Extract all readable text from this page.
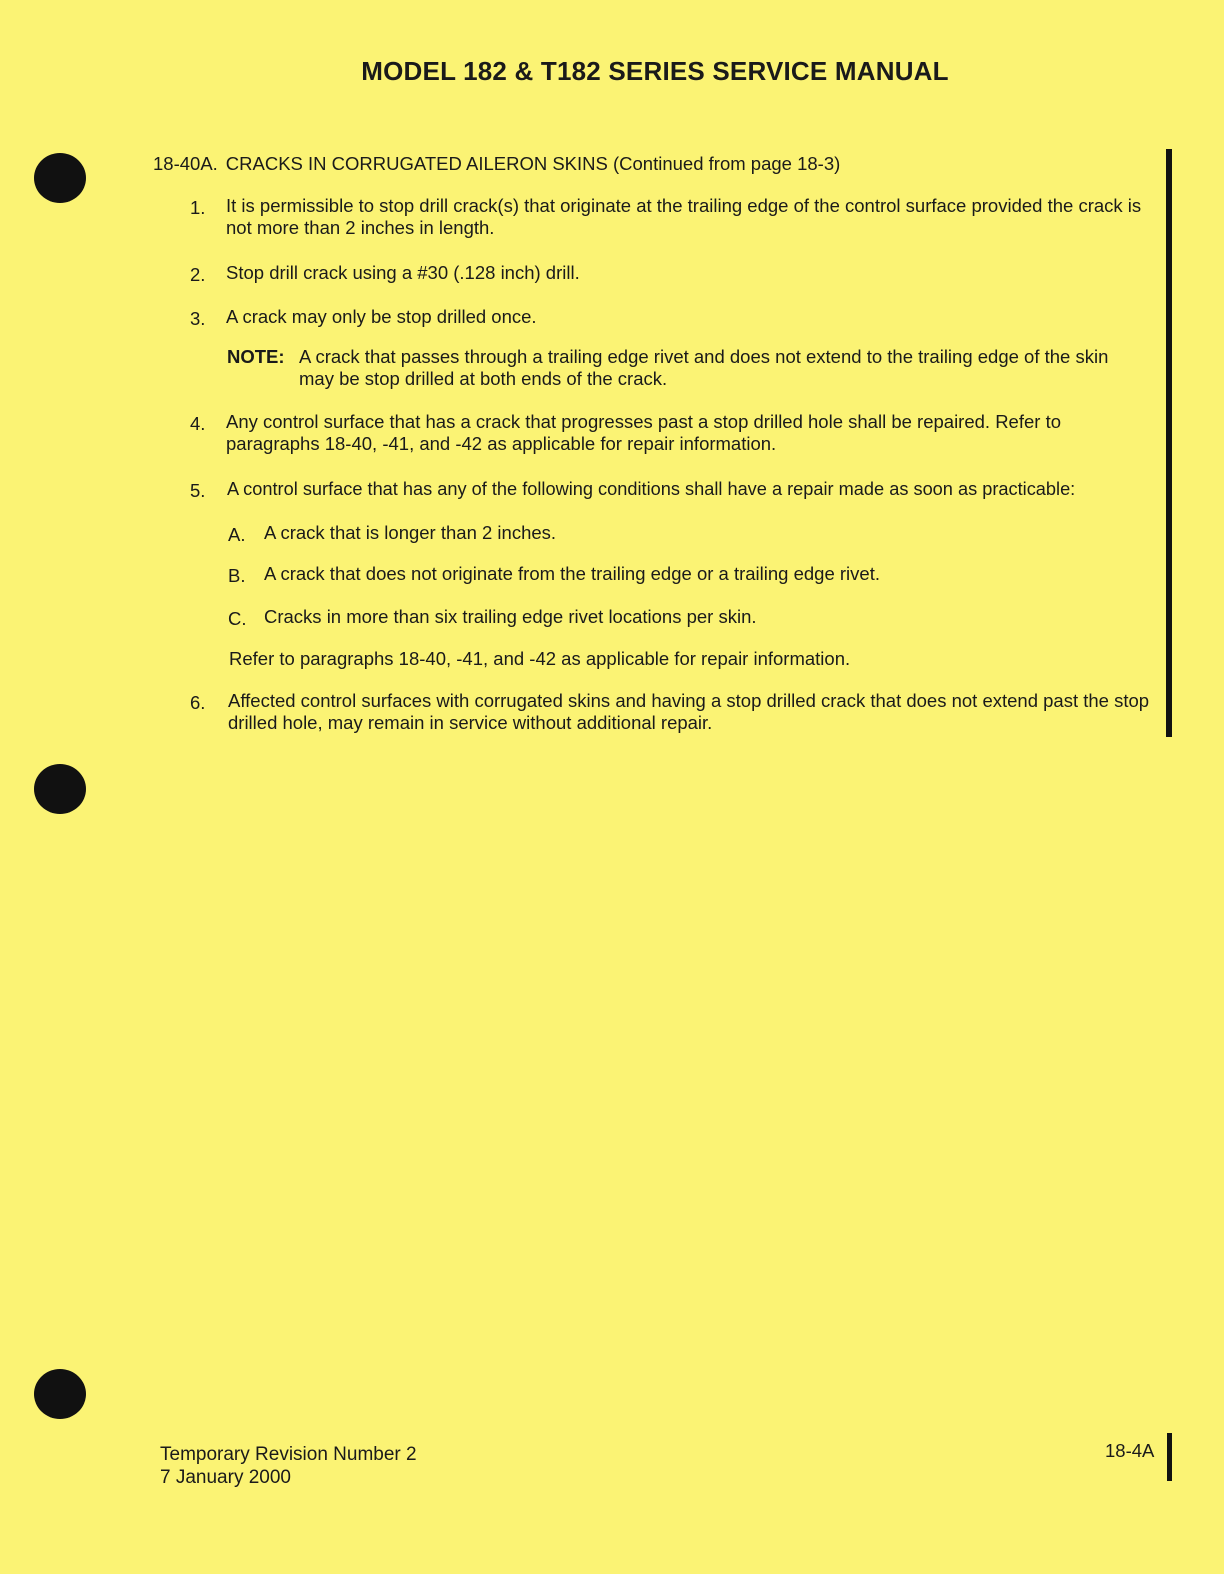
MODEL 182 & T182 SERIES SERVICE MANUAL
18-40A. CRACKS IN CORRUGATED AILERON SKINS (Continued from page 18-3)
1. It is permissible to stop drill crack(s) that originate at the trailing edge of the control surface provided the crack is not more than 2 inches in length.
2. Stop drill crack using a #30 (.128 inch) drill.
3. A crack may only be stop drilled once.
NOTE: A crack that passes through a trailing edge rivet and does not extend to the trailing edge of the skin may be stop drilled at both ends of the crack.
4. Any control surface that has a crack that progresses past a stop drilled hole shall be repaired. Refer to paragraphs 18-40, -41, and -42 as applicable for repair information.
5. A control surface that has any of the following conditions shall have a repair made as soon as practicable:
A. A crack that is longer than 2 inches.
B. A crack that does not originate from the trailing edge or a trailing edge rivet.
C. Cracks in more than six trailing edge rivet locations per skin.
Refer to paragraphs 18-40, -41, and -42 as applicable for repair information.
6. Affected control surfaces with corrugated skins and having a stop drilled crack that does not extend past the stop drilled hole, may remain in service without additional repair.
Temporary Revision Number 2
7 January 2000
18-4A
